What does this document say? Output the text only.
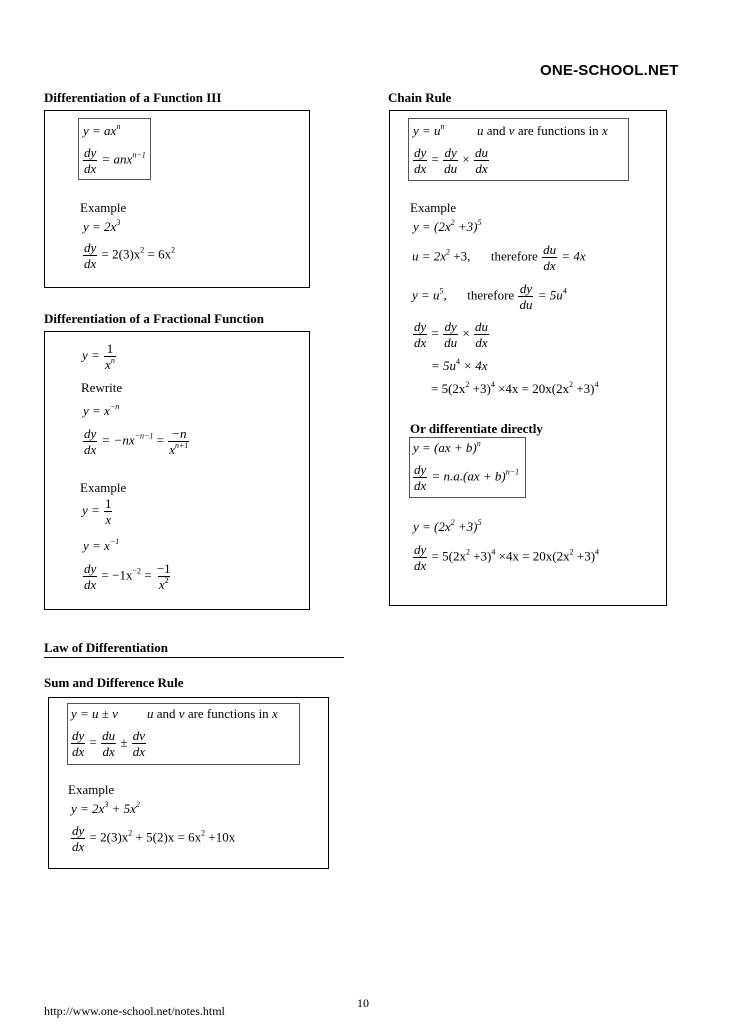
ONE-SCHOOL.NET
Differentiation of a Function III
$y = ax^n$
$\frac{dy}{dx} = anx^{n-1}$
Example
$y = 2x^3$
$\frac{dy}{dx} = 2(3)x^2 = 6x^2$
Differentiation of a Fractional Function
$y = \frac{1}{x^n}$
Rewrite
$y = x^{-n}$
$\frac{dy}{dx} = -nx^{-n-1} = \frac{-n}{x^{n+1}}$
Example
$y = \frac{1}{x}$
$y = x^{-1}$
$\frac{dy}{dx} = -1x^{-2} = \frac{-1}{x^2}$
Law of Differentiation
Sum and Difference Rule
y = u ± v u and v are functions in x
$\frac{dy}{dx} = \frac{du}{dx} \pm \frac{dv}{dx}$
Example
$y = 2x^3 + 5x^2$
$\frac{dy}{dx} = 2(3)x^2 + 5(2)x = 6x^2 +10x$
Chain Rule
$y = u^n$ u and v are functions in x
$\frac{dy}{dx} = \frac{dy}{du} \times \frac{du}{dx}$
Example
$y = (2x^2 +3)^5$
$u = 2x^2 +3$, therefore $\frac{du}{dx} = 4x$
$y = u^5$, therefore $\frac{dy}{du} = 5u^4$
$\frac{dy}{dx} = \frac{dy}{du} \times \frac{du}{dx}$
= $5u^4 \times 4x$
= $5(2x^2 +3)^4 \times 4x = 20x(2x^2 +3)^4$
Or differentiate directly
y = (ax + b)$^n$
$\frac{dy}{dx} = n.a.(ax + b)^{n-1}$
$y = (2x^2 +3)^5$
$\frac{dy}{dx} = 5(2x^2 +3)^4 \times 4x = 20x(2x^2 +3)^4$
http://www.one-school.net/notes.html
10
